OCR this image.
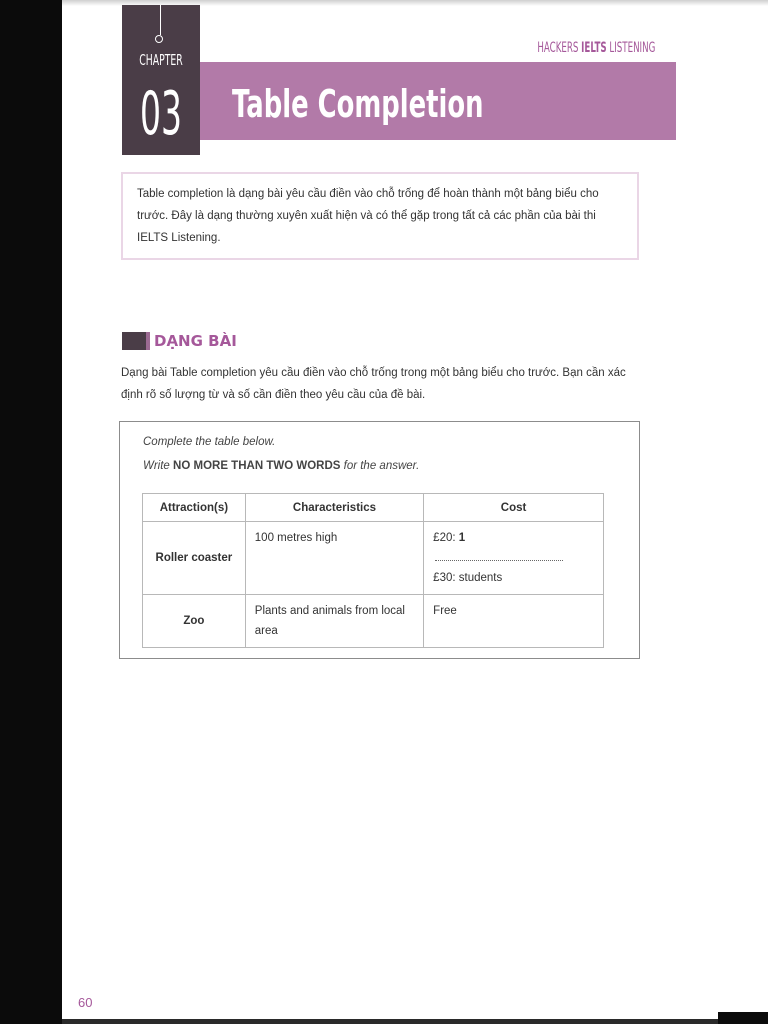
HACKERS IELTS LISTENING
CHAPTER
03 Table Completion
Table completion là dạng bài yêu cầu điền vào chỗ trống để hoàn thành một bảng biểu cho trước. Đây là dạng thường xuyên xuất hiện và có thể gặp trong tất cả các phần của bài thi IELTS Listening.
DẠNG BÀI
Dạng bài Table completion yêu cầu điền vào chỗ trống trong một bảng biểu cho trước. Bạn cần xác định rõ số lượng từ và số cần điền theo yêu cầu của đề bài.
Complete the table below.
Write NO MORE THAN TWO WORDS for the answer.
Attraction(s)	Characteristics	Cost
Roller coaster	100 metres high	£20: 1
£30: students
Zoo	Plants and animals from local area	Free
60
